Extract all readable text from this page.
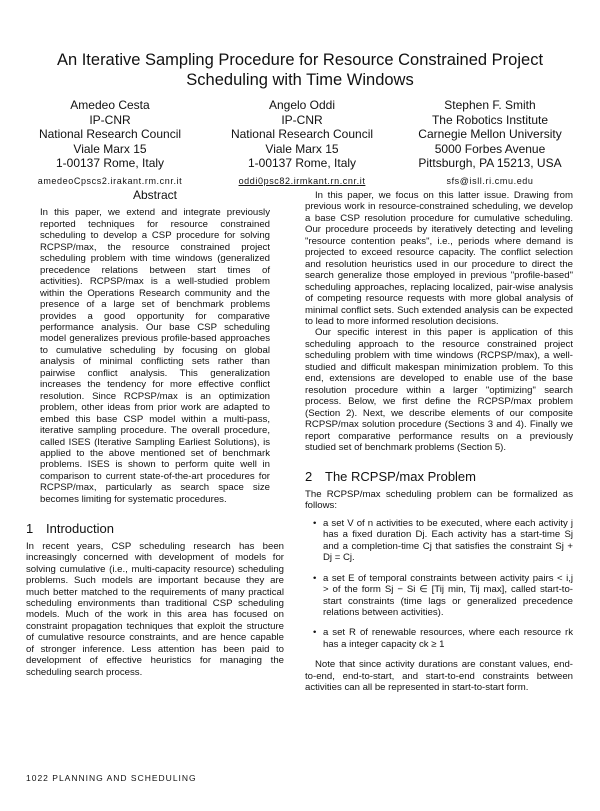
An Iterative Sampling Procedure for Resource Constrained Project
Scheduling with Time Windows
Amedeo Cesta
IP-CNR
National Research Council
Viale Marx 15
1-00137 Rome, Italy
amedeoCpscs2.irakant.rm.cnr.it
Angelo Oddi
IP-CNR
National Research Council
Viale Marx 15
1-00137 Rome, Italy
oddi0psc82.irmkant.rn.cnr.it
Stephen F. Smith
The Robotics Institute
Carnegie Mellon University
5000 Forbes Avenue
Pittsburgh, PA 15213, USA
sfs@isll.ri.cmu.edu
Abstract

In this paper, we extend and integrate previously reported techniques for resource constrained scheduling to develop a CSP procedure for solving RCPSP/max, the resource constrained project scheduling problem with time windows (generalized precedence relations between start times of activities). RCPSP/max is a well-studied problem within the Operations Research community and the presence of a large set of benchmark problems provides a good opportunity for comparative performance analysis. Our base CSP scheduling model generalizes previous profile-based approaches to cumulative scheduling by focusing on global analysis of minimal conflicting sets rather than pairwise conflict analysis. This generalization increases the tendency for more effective conflict resolution. Since RCPSP/max is an optimization problem, other ideas from prior work are adapted to embed this base CSP model within a multi-pass, iterative sampling procedure. The overall procedure, called ISES (Iterative Sampling Earliest Solutions), is applied to the above mentioned set of benchmark problems. ISES is shown to perform quite well in comparison to current state-of-the-art procedures for RCPSP/max, particularly as search space size becomes limiting for systematic procedures.

1 Introduction

In recent years, CSP scheduling research has been increasingly concerned with development of models for solving cumulative (i.e., multi-capacity resource) scheduling problems. Such models are important because they are much better matched to the requirements of many practical scheduling environments than traditional CSP scheduling models. Much of the work in this area has focused on constraint propagation techniques that exploit the structure of cumulative resource constraints, and are hence capable of stronger inference. Less attention has been paid to development of effective heuristics for managing the scheduling search process.

In this paper, we focus on this latter issue. Drawing from previous work in resource-constrained scheduling, we develop a base CSP resolution procedure for cumulative scheduling. Our procedure proceeds by iteratively detecting and leveling "resource contention peaks", i.e., periods where demand is projected to exceed resource capacity. The conflict selection and resolution heuristics used in our procedure to direct the search generalize those employed in previous "profile-based" scheduling approaches, replacing localized, pair-wise analysis of competing resource requests with more global analysis of minimal conflict sets. Such extended analysis can be expected to lead to more informed resolution decisions.

Our specific interest in this paper is application of this scheduling approach to the resource constrained project scheduling problem with time windows (RCPSP/max), a well-studied and difficult makespan minimization problem. To this end, extensions are developed to enable use of the base resolution procedure within a larger "optimizing" search process. Below, we first define the RCPSP/max problem (Section 2). Next, we describe elements of our composite RCPSP/max solution procedure (Sections 3 and 4). Finally we report comparative performance results on a previously studied set of benchmark problems (Section 5).

2 The RCPSP/max Problem

The RCPSP/max scheduling problem can be formalized as follows:

• a set V of n activities to be executed, where each activity j has a fixed duration Dj. Each activity has a start-time Sj and a completion-time Cj that satisfies the constraint Sj + Dj = Cj.
• a set E of temporal constraints between activity pairs < i,j > of the form Sj − Si ∈ [Tij min, Tij max], called start-to-start constraints (time lags or generalized precedence relations between activities).
• a set R of renewable resources, where each resource rk has a integer capacity ck ≥ 1

Note that since activity durations are constant values, end-to-end, end-to-start, and start-to-end constraints between activities can all be represented in start-to-start form.

1022 PLANNING AND SCHEDULING
